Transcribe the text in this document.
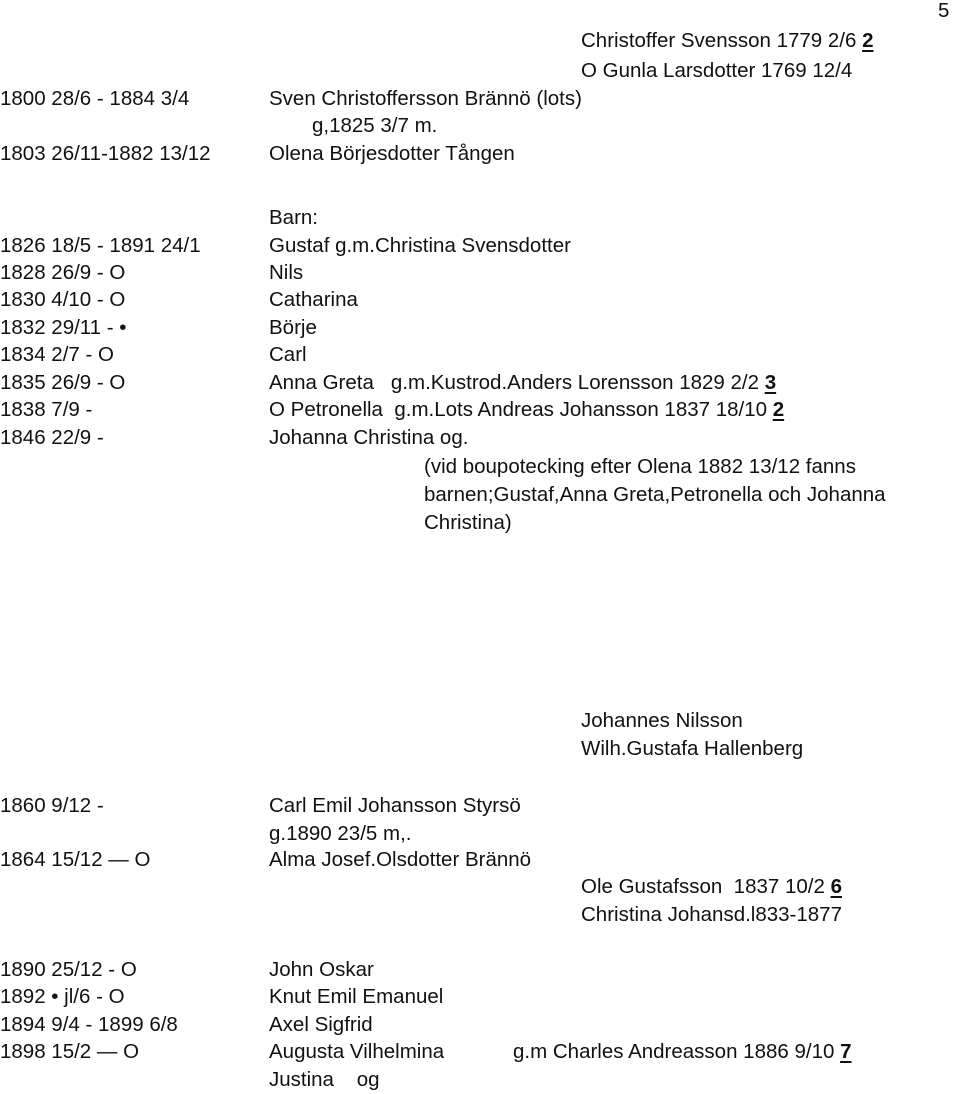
5
Christoffer Svensson 1779 2/6 2
O Gunla Larsdotter 1769 12/4
1800 28/6 - 1884 3/4	Sven Christoffersson Brännö (lots)
g,1825 3/7 m.
1803 26/11-1882 13/12	Olena Börjesdotter Tången
Barn:
1826 18/5 - 1891 24/1	Gustaf g.m.Christina Svensdotter
1828 26/9 - O	Nils
1830 4/10 - O	Catharina
1832 29/11 - •	Börje
1834 2/7 - O	Carl
1835 26/9 - O	Anna Greta   g.m.Kustrod.Anders Lorensson 1829 2/2 3
1838 7/9 -	O Petronella  g.m.Lots Andreas Johansson 1837 18/10 2
1846 22/9 -	Johanna Christina og.
(vid boupotecking efter Olena 1882 13/12 fanns
barnen;Gustaf,Anna Greta,Petronella och Johanna
Christina)
Johannes Nilsson
Wilh.Gustafa Hallenberg
1860 9/12 -	Carl Emil Johansson Styrsö
g.1890 23/5 m,.
1864 15/12 — O	Alma Josef.Olsdotter Brännö
Ole Gustafsson  1837 10/2 6
Christina Johansd.l833-1877
1890 25/12 - O	John Oskar
1892 • jl/6 - O	Knut Emil Emanuel
1894 9/4 - 1899 6/8	Axel Sigfrid
1898 15/2 — O	Augusta Vilhelmina	g.m Charles Andreasson 1886 9/10 7
Justina    og
